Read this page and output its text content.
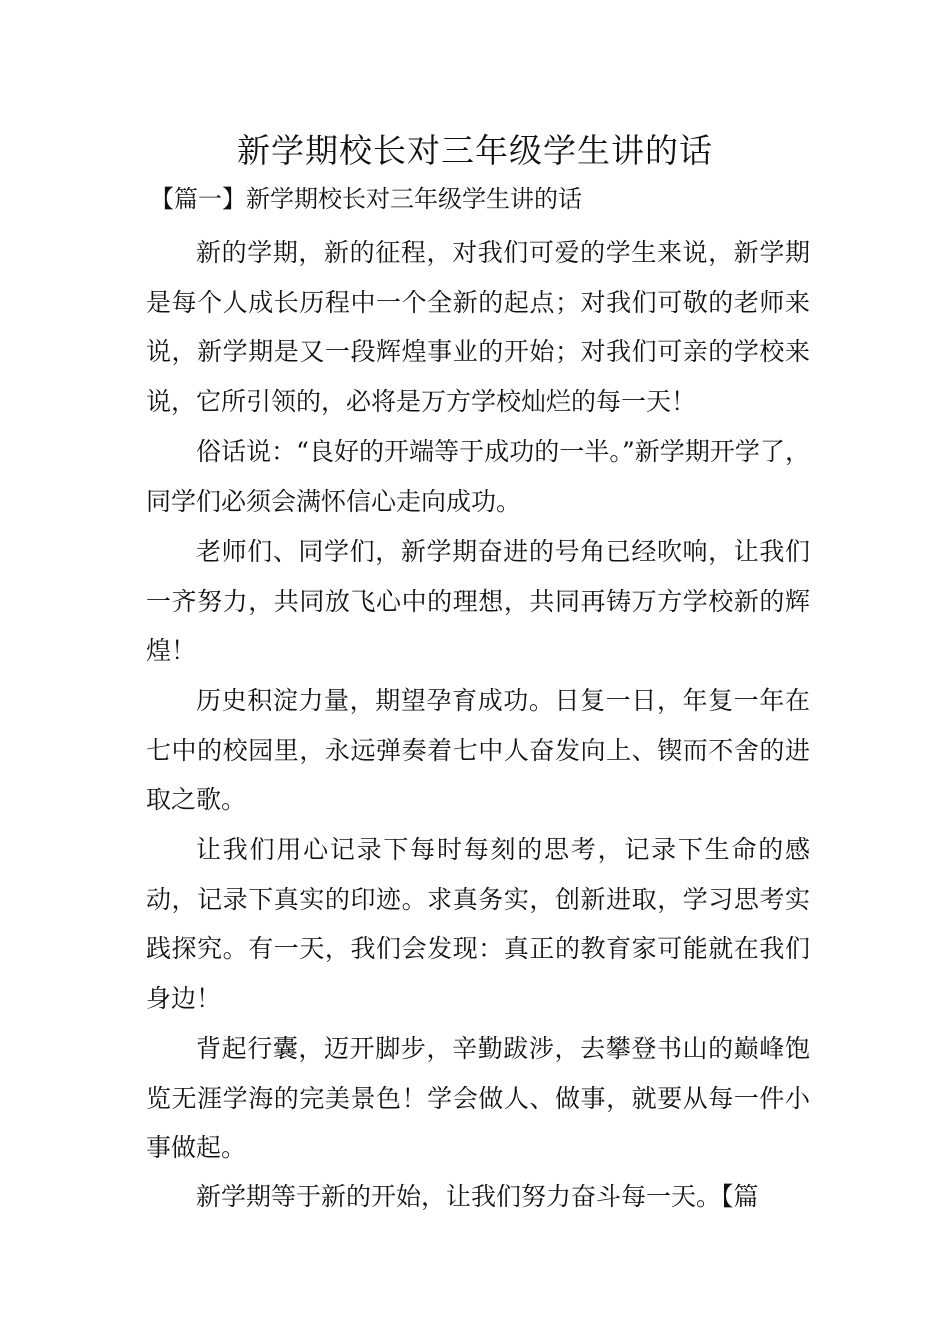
新学期校长对三年级学生讲的话

【篇一】新学期校长对三年级学生讲的话

新的学期，新的征程，对我们可爱的学生来说，新学期是每个人成长历程中一个全新的起点；对我们可敬的老师来说，新学期是又一段辉煌事业的开始；对我们可亲的学校来说，它所引领的，必将是万方学校灿烂的每一天！

俗话说：“良好的开端等于成功的一半。”新学期开学了，同学们必须会满怀信心走向成功。

老师们、同学们，新学期奋进的号角已经吹响，让我们一齐努力，共同放飞心中的理想，共同再铸万方学校新的辉煌！

历史积淀力量，期望孕育成功。日复一日，年复一年在七中的校园里，永远弹奏着七中人奋发向上、锲而不舍的进取之歌。

让我们用心记录下每时每刻的思考，记录下生命的感动，记录下真实的印迹。求真务实，创新进取，学习思考实践探究。有一天，我们会发现：真正的教育家可能就在我们身边！

背起行囊，迈开脚步，辛勤跋涉，去攀登书山的巅峰饱览无涯学海的完美景色！学会做人、做事，就要从每一件小事做起。

新学期等于新的开始，让我们努力奋斗每一天。【篇
